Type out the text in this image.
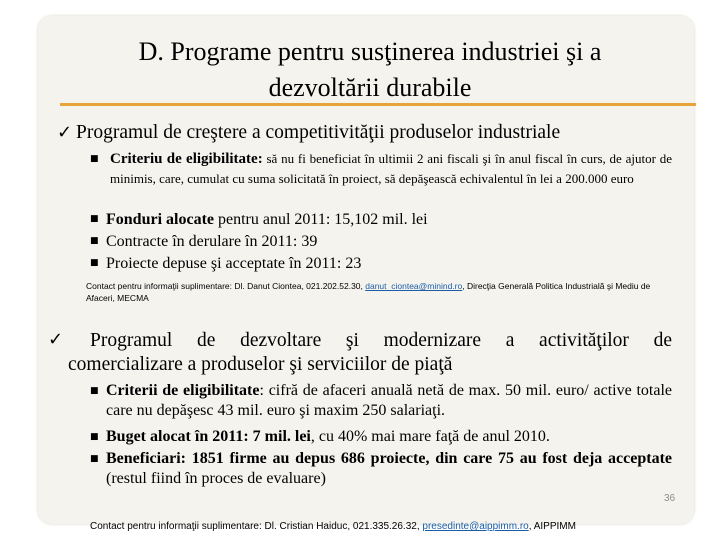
D. Programe pentru susţinerea industriei şi a
dezvoltării durabile
✓ Programul de creştere a competitivităţii produselor industriale
■ Criteriu de eligibilitate: să nu fi beneficiat în ultimii 2 ani fiscali şi în anul fiscal în curs, de ajutor de minimis, care, cumulat cu suma solicitată în proiect, să depăşească echivalentul în lei a 200.000 euro
■ Fonduri alocate pentru anul 2011: 15,102 mil. lei
■ Contracte în derulare în 2011: 39
■ Proiecte depuse şi acceptate în 2011: 23
Contact pentru informaţii suplimentare: Dl. Danut Ciontea, 021.202.52.30, danut_ciontea@minind.ro, Direcţia Generală Politica Industrială şi Mediu de Afaceri, MECMA
✓	Programul de dezvoltare şi modernizare a activităţilor de
comercializare a produselor şi serviciilor de piaţă
■ Criterii de eligibilitate: cifră de afaceri anuală netă de max. 50 mil. euro/ active totale care nu depăşesc 43 mil. euro şi maxim 250 salariaţi.
■ Buget alocat în 2011: 7 mil. lei, cu 40% mai mare faţă de anul 2010.
■ Beneficiari: 1851 firme au depus 686 proiecte, din care 75 au fost deja acceptate (restul fiind în proces de evaluare)
36
Contact pentru informaţii suplimentare: Dl. Cristian Haiduc, 021.335.26.32, presedinte@aippimm.ro, AIPPIMM
